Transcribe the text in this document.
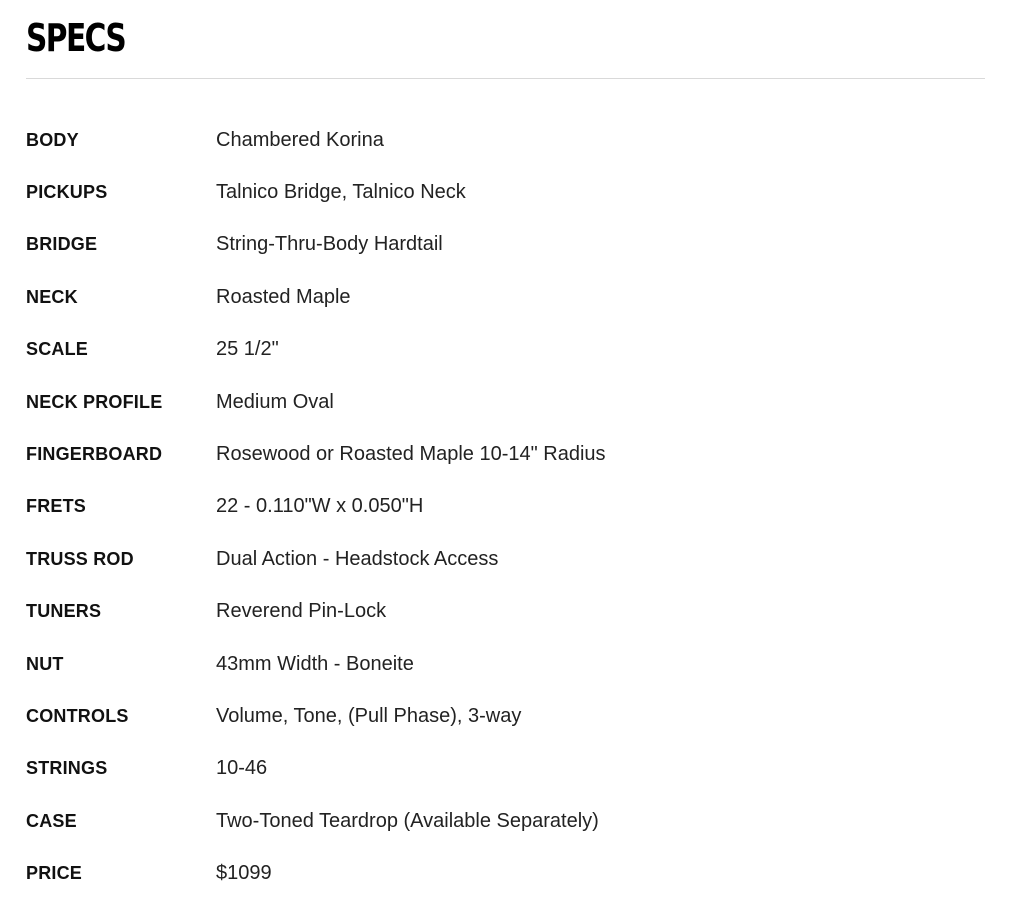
SPECS
BODY	Chambered Korina
PICKUPS	Talnico Bridge, Talnico Neck
BRIDGE	String-Thru-Body Hardtail
NECK	Roasted Maple
SCALE	25 1/2"
NECK PROFILE	Medium Oval
FINGERBOARD	Rosewood or Roasted Maple 10-14" Radius
FRETS	22 - 0.110"W x 0.050"H
TRUSS ROD	Dual Action - Headstock Access
TUNERS	Reverend Pin-Lock
NUT	43mm Width - Boneite
CONTROLS	Volume, Tone, (Pull Phase), 3-way
STRINGS	10-46
CASE	Two-Toned Teardrop (Available Separately)
PRICE	$1099
